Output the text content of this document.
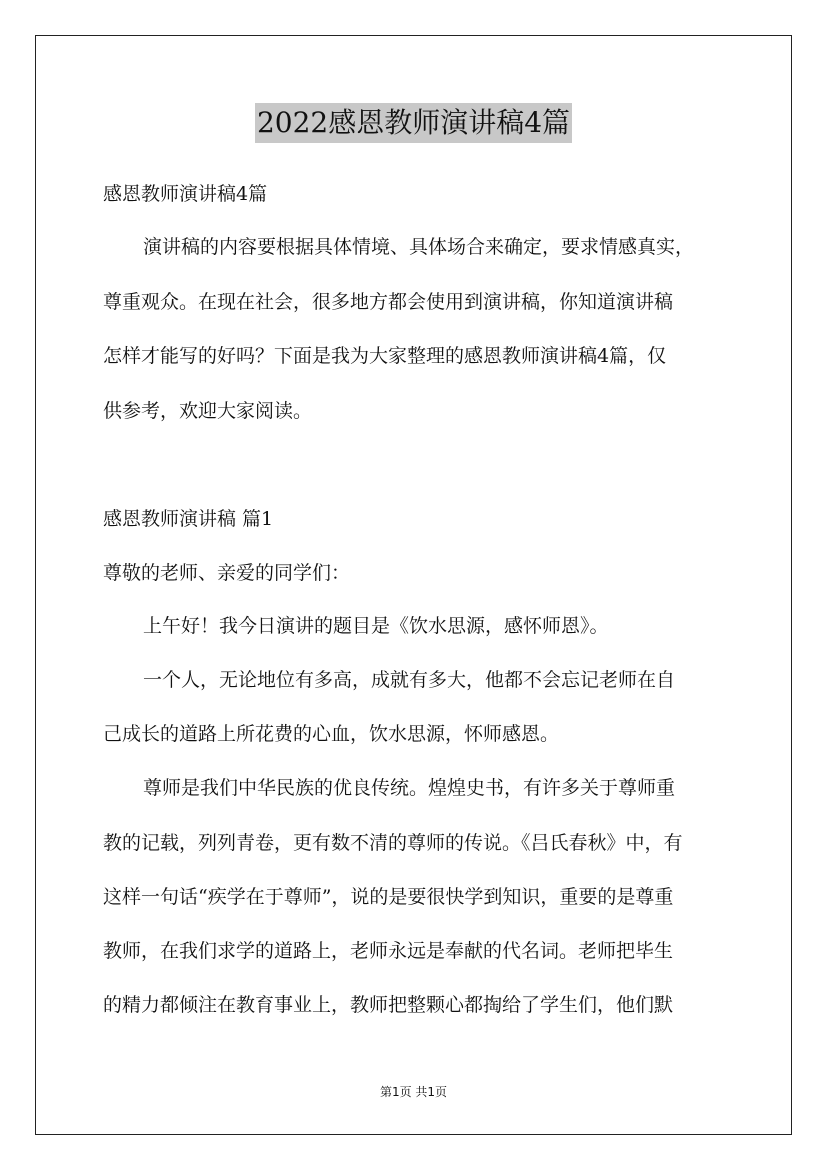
2022感恩教师演讲稿4篇
感恩教师演讲稿4篇
演讲稿的内容要根据具体情境、具体场合来确定，要求情感真实，
尊重观众。在现在社会，很多地方都会使用到演讲稿，你知道演讲稿
怎样才能写的好吗？下面是我为大家整理的感恩教师演讲稿4篇，仅
供参考，欢迎大家阅读。
感恩教师演讲稿 篇1
尊敬的老师、亲爱的同学们：
上午好！我今日演讲的题目是《饮水思源，感怀师恩》。
一个人，无论地位有多高，成就有多大，他都不会忘记老师在自
己成长的道路上所花费的心血，饮水思源，怀师感恩。
尊师是我们中华民族的优良传统。煌煌史书，有许多关于尊师重
教的记载，列列青卷，更有数不清的尊师的传说。《吕氏春秋》中，有
这样一句话“疾学在于尊师”，说的是要很快学到知识，重要的是尊重
教师，在我们求学的道路上，老师永远是奉献的代名词。老师把毕生
的精力都倾注在教育事业上，教师把整颗心都掏给了学生们，他们默
第1页 共1页
